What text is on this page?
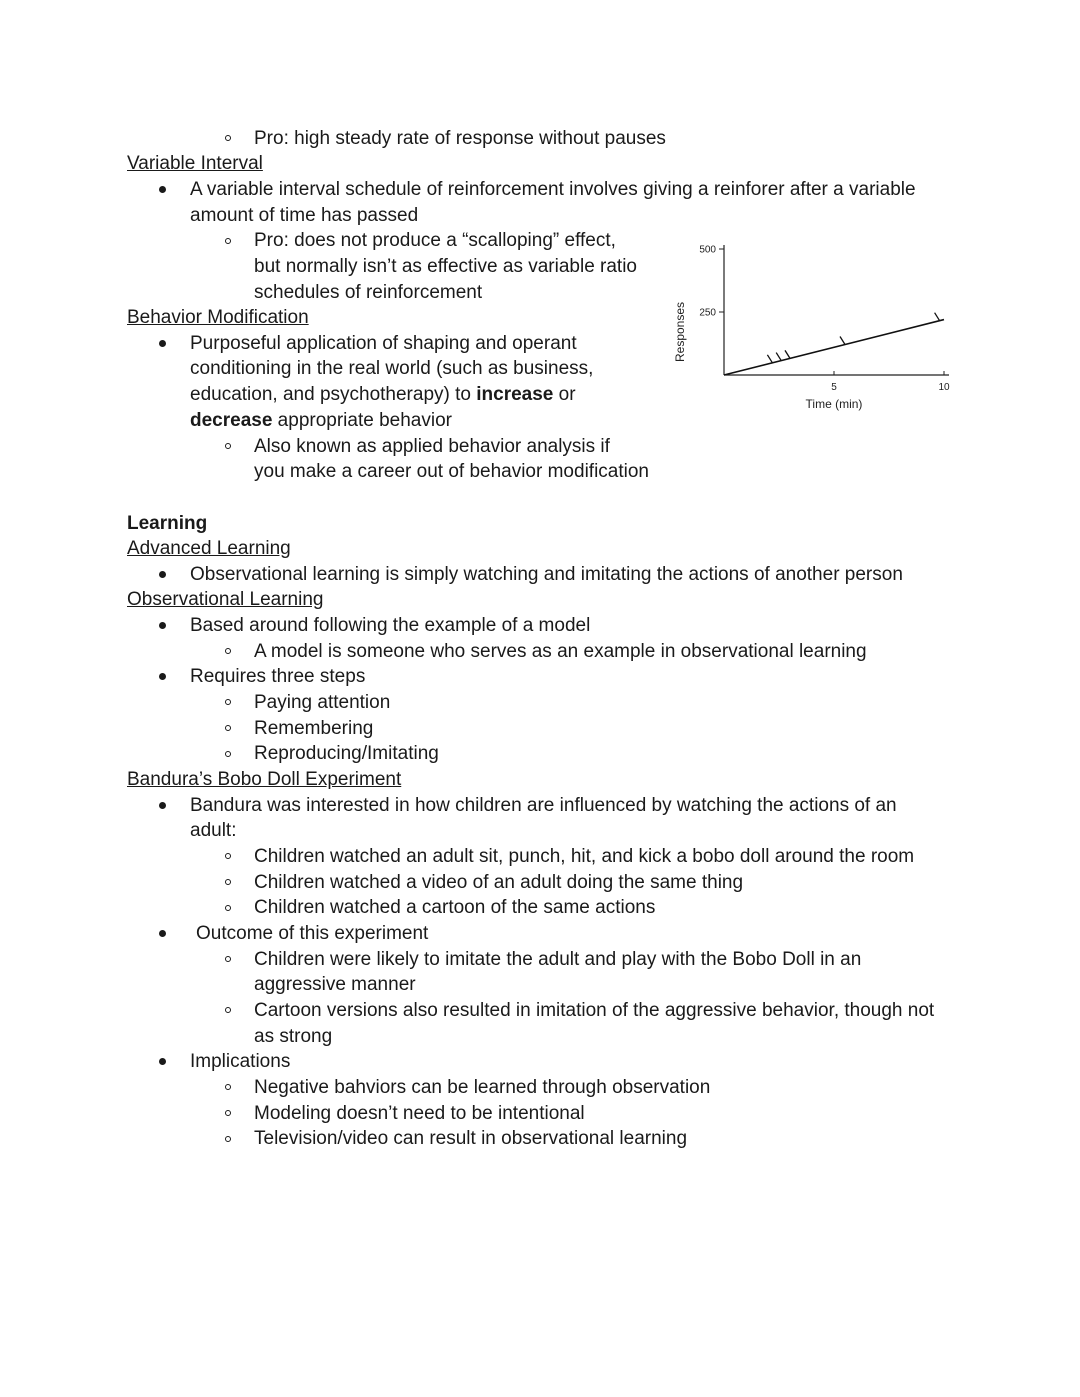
Pro: high steady rate of response without pauses
Variable Interval
A variable interval schedule of reinforcement involves giving a reinforer after a variable
amount of time has passed
Pro: does not produce a “scalloping” effect,
but normally isn’t as effective as variable ratio
schedules of reinforcement
Behavior Modification
Purposeful application of shaping and operant
conditioning in the real world (such as business,
education, and psychotherapy) to increase or
decrease appropriate behavior
Also known as applied behavior analysis if
you make a career out of behavior modification
Learning
Advanced Learning
Observational learning is simply watching and imitating the actions of another person
Observational Learning
Based around following the example of a model
A model is someone who serves as an example in observational learning
Requires three steps
Paying attention
Remembering
Reproducing/Imitating
Bandura’s Bobo Doll Experiment
Bandura was interested in how children are influenced by watching the actions of an
adult:
Children watched an adult sit, punch, hit, and kick a bobo doll around the room
Children watched a video of an adult doing the same thing
Children watched a cartoon of the same actions
Outcome of this experiment
Children were likely to imitate the adult and play with the Bobo Doll in an
aggressive manner
Cartoon versions also resulted in imitation of the aggressive behavior, though not
as strong
Implications
Negative bahviors can be learned through observation
Modeling doesn’t need to be intentional
Television/video can result in observational learning
250
500
5	10
Time (min)
Responses
